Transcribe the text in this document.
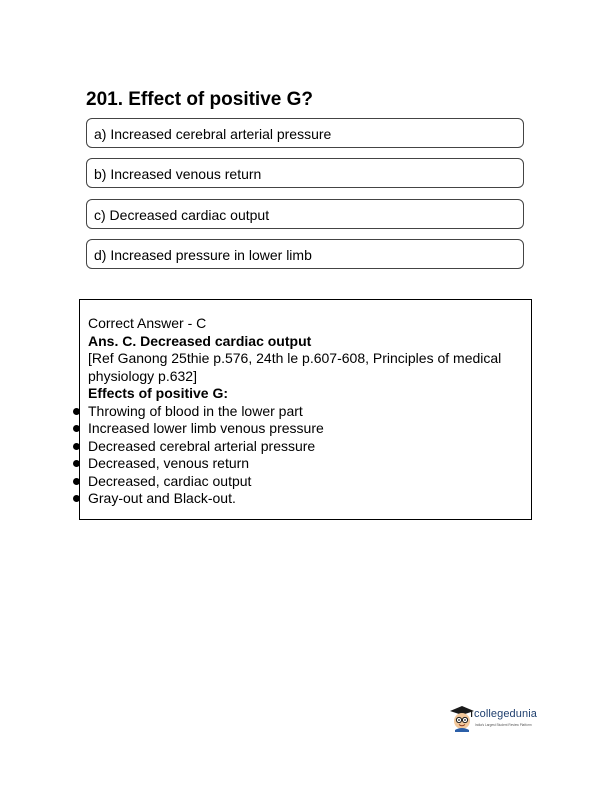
201. Effect of positive G?
a) Increased cerebral arterial pressure
b) Increased venous return
c) Decreased cardiac output
d) Increased pressure in lower limb

Correct Answer - C

Ans. C. Decreased cardiac output

[Ref Ganong 25thie p.576, 24th le p.607-608, Principles of medical physiology p.632]

Effects of positive G:

Throwing of blood in the lower part
Increased lower limb venous pressure
Decreased cerebral arterial pressure
Decreased, venous return
Decreased, cardiac output
Gray-out and Black-out.
collegedunia
India's Largest Student Review Platform
